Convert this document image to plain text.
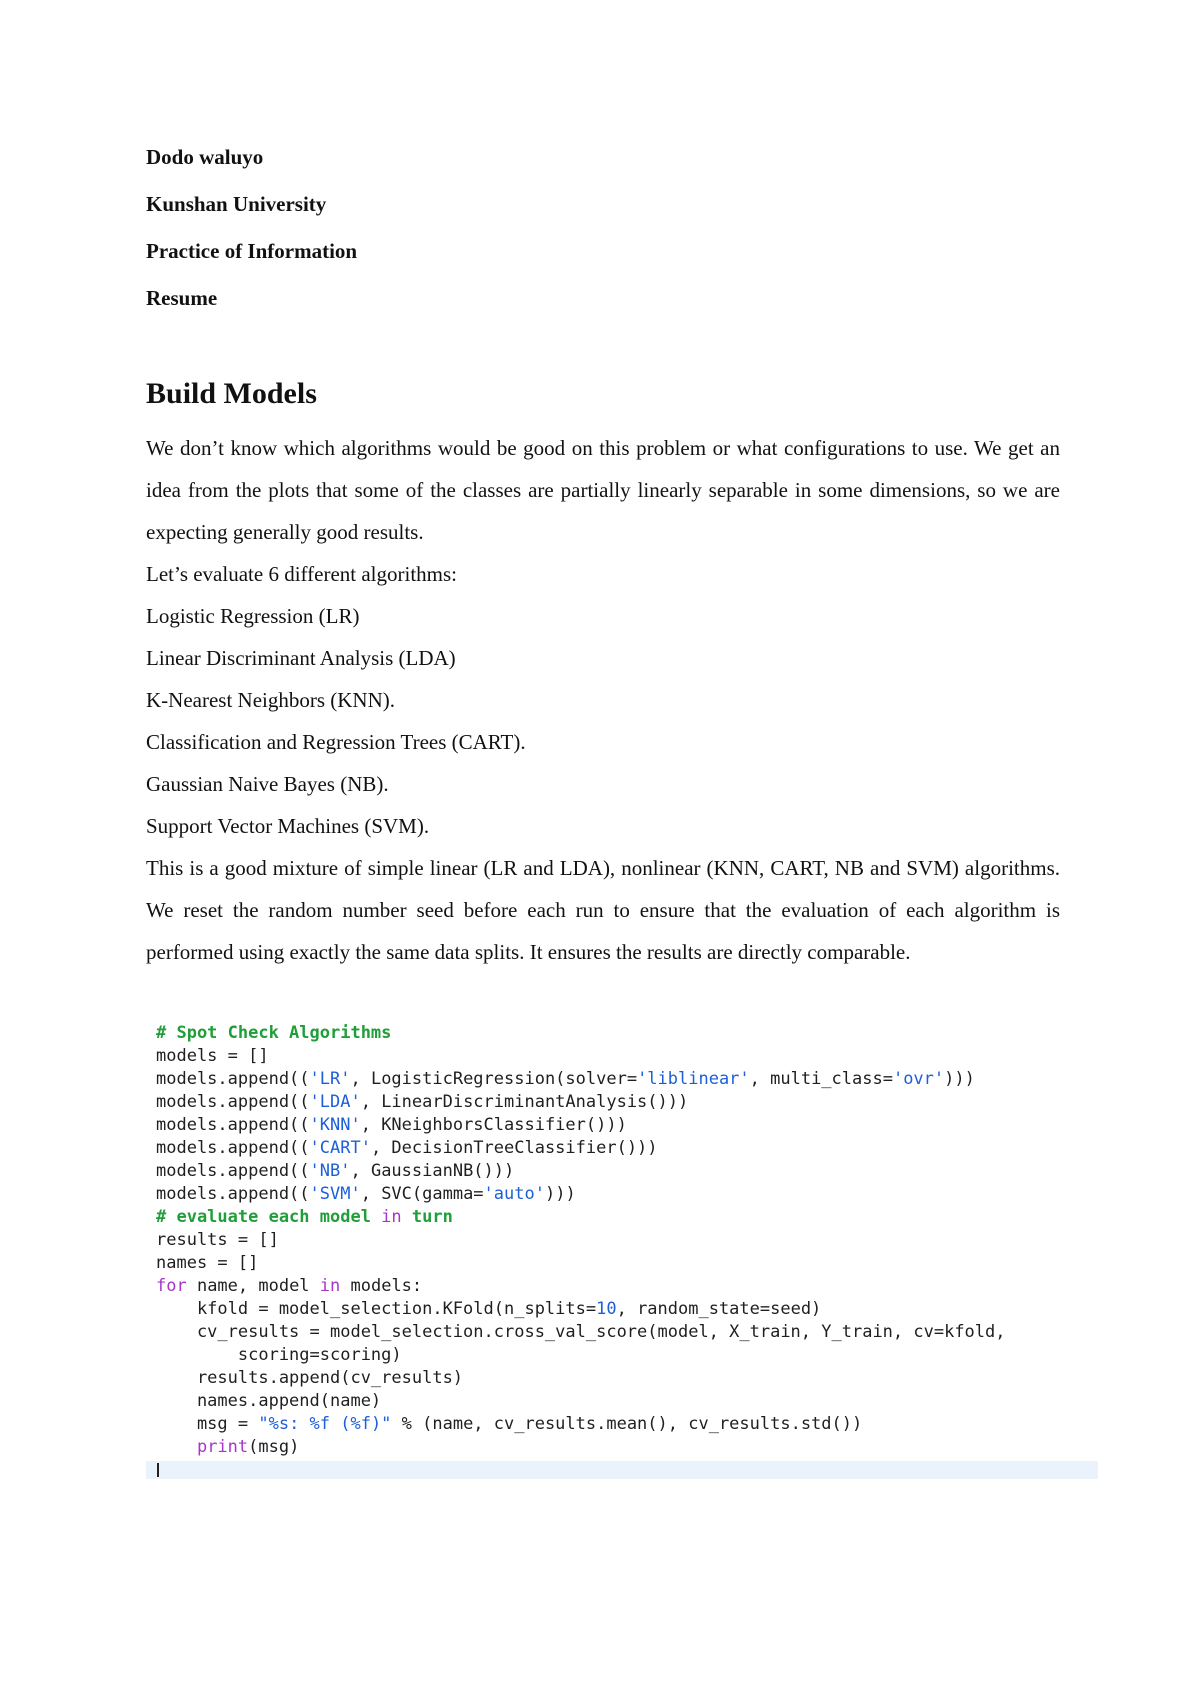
Dodo waluyo

Kunshan University

Practice of Information

Resume

Build Models

We don’t know which algorithms would be good on this problem or what configurations to use. We get an idea from the plots that some of the classes are partially linearly separable in some dimensions, so we are expecting generally good results.

Let’s evaluate 6 different algorithms:

Logistic Regression (LR)

Linear Discriminant Analysis (LDA)

K-Nearest Neighbors (KNN).

Classification and Regression Trees (CART).

Gaussian Naive Bayes (NB).

Support Vector Machines (SVM).

This is a good mixture of simple linear (LR and LDA), nonlinear (KNN, CART, NB and SVM) algorithms. We reset the random number seed before each run to ensure that the evaluation of each algorithm is performed using exactly the same data splits. It ensures the results are directly comparable.

# Spot Check Algorithms
models = []
models.append(('LR', LogisticRegression(solver='liblinear', multi_class='ovr')))
models.append(('LDA', LinearDiscriminantAnalysis()))
models.append(('KNN', KNeighborsClassifier()))
models.append(('CART', DecisionTreeClassifier()))
models.append(('NB', GaussianNB()))
models.append(('SVM', SVC(gamma='auto')))
# evaluate each model in turn
results = []
names = []
for name, model in models:
kfold = model_selection.KFold(n_splits=10, random_state=seed)
cv_results = model_selection.cross_val_score(model, X_train, Y_train, cv=kfold,
scoring=scoring)
results.append(cv_results)
names.append(name)
msg = "%s: %f (%f)" % (name, cv_results.mean(), cv_results.std())
print(msg)
